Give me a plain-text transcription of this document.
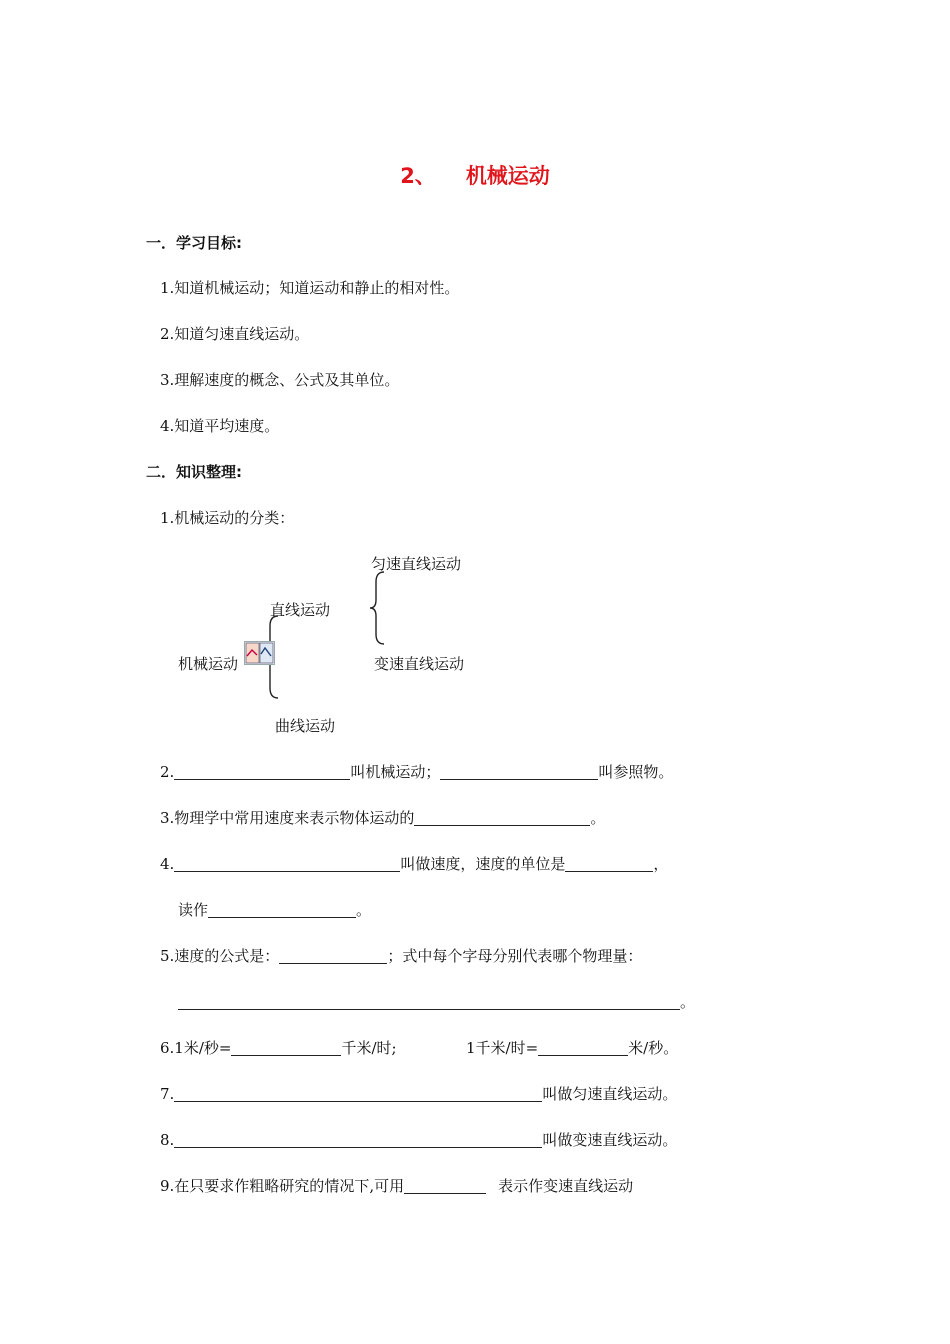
2、 机械运动
一．学习目标:
1.知道机械运动；知道运动和静止的相对性。
2.知道匀速直线运动。
3.理解速度的概念、公式及其单位。
4.知道平均速度。
二．知识整理:
1.机械运动的分类：
匀速直线运动
直线运动
机械运动	变速直线运动
曲线运动
2.	叫机械运动；	叫参照物。
3.物理学中常用速度来表示物体运动的	。
4.	叫做速度，速度的单位是	，
读作	。
5.速度的公式是：	；式中每个字母分别代表哪个物理量：
。
6.1米/秒=	千米/时;	1千米/时=	米/秒。
7.	叫做匀速直线运动。
8.	叫做变速直线运动。
9.在只要求作粗略研究的情况下,可用	表示作变速直线运动
